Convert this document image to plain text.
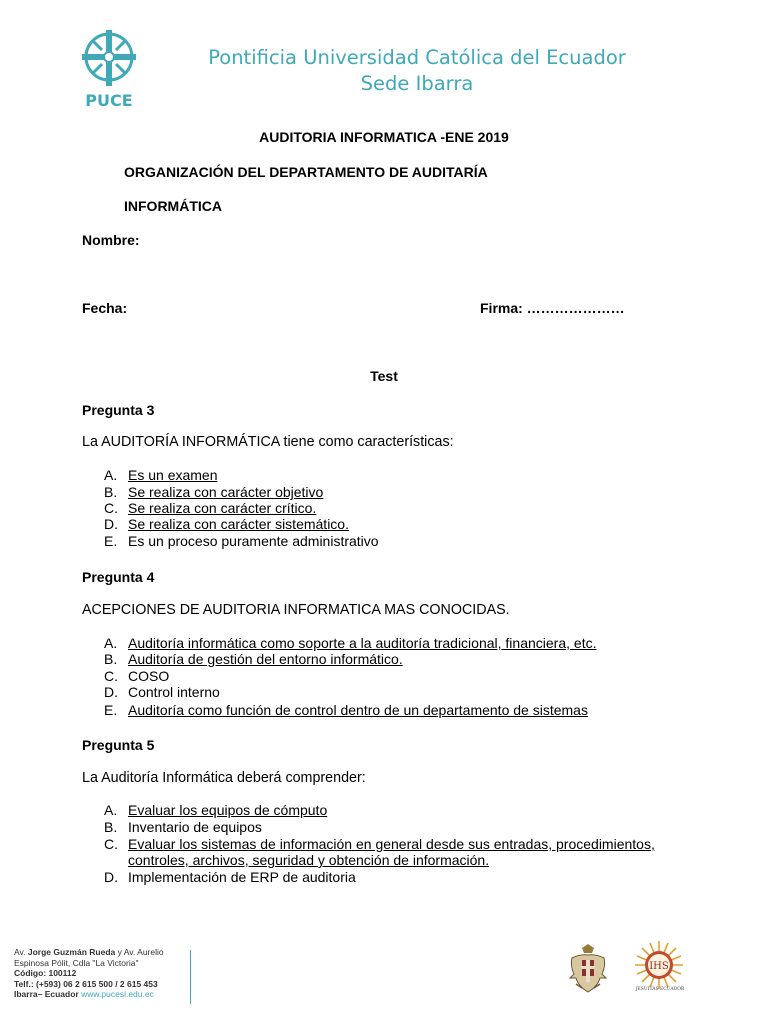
PUCE
Pontificia Universidad Católica del Ecuador
Sede Ibarra
AUDITORIA INFORMATICA -ENE 2019
ORGANIZACIÓN DEL DEPARTAMENTO DE AUDITARÍA
INFORMÁTICA
Nombre:
Fecha:	Firma: …………………
Test
Pregunta 3
La AUDITORÍA INFORMÁTICA tiene como características:
A. Es un examen
B. Se realiza con carácter objetivo
C. Se realiza con carácter crítico.
D. Se realiza con carácter sistemático.
E. Es un proceso puramente administrativo
Pregunta 4
ACEPCIONES DE AUDITORIA INFORMATICA MAS CONOCIDAS.
A. Auditoría informática como soporte a la auditoría tradicional, financiera, etc.
B. Auditoría de gestión del entorno informático.
C. COSO
D. Control interno
E. Auditoría como función de control dentro de un departamento de sistemas
Pregunta 5
La Auditoría Informática deberá comprender:
A. Evaluar los equipos de cómputo
B. Inventario de equipos
C. Evaluar los sistemas de información en general desde sus entradas, procedimientos,
controles, archivos, seguridad y obtención de información.
D. Implementación de ERP de auditoria
Av. Jorge Guzmán Rueda y Av. Aurelio
Espinosa Pólit, Cdla "La Victoria"
Código: 100112
Telf.: (+593) 06 2 615 500 / 2 615 453
Ibarra– Ecuador www.pucesi.edu.ec
IHS
JESUITAS ECUADOR
